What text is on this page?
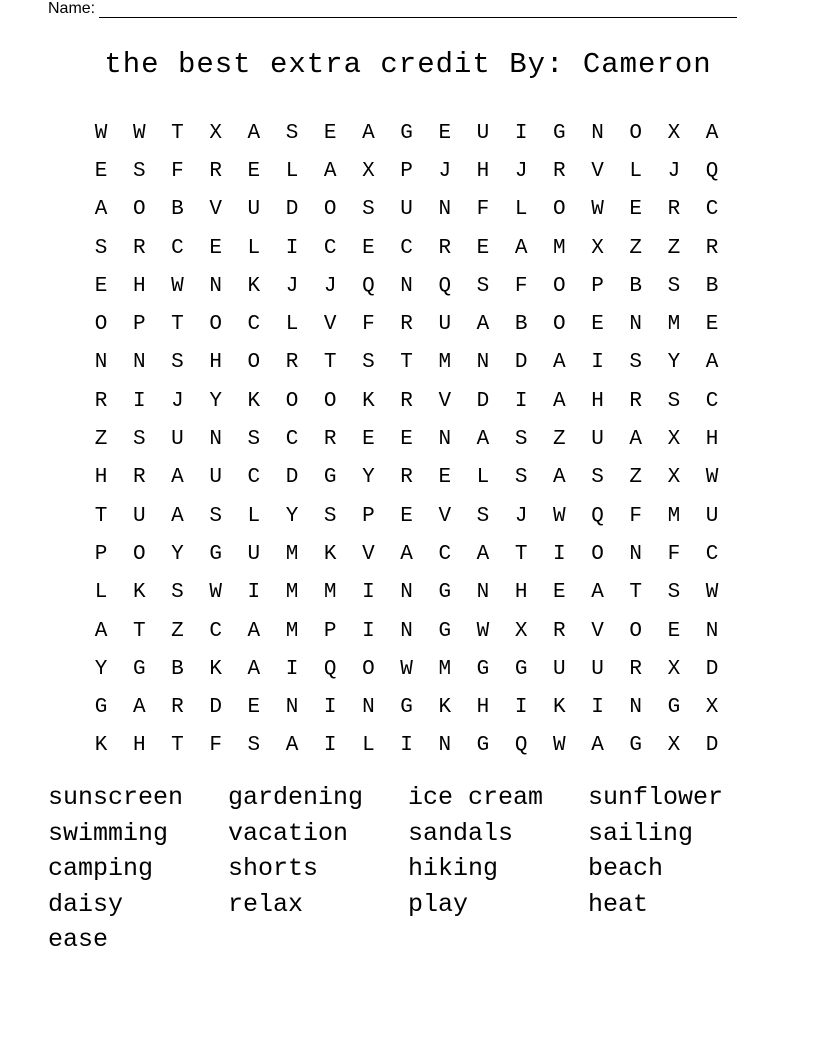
Name:
the best extra credit By: Cameron
W	W	T	X	A	S	E	A	G	E	U	I	G	N	O	X	A
E	S	F	R	E	L	A	X	P	J	H	J	R	V	L	J	Q
A	O	B	V	U	D	O	S	U	N	F	L	O	W	E	R	C
S	R	C	E	L	I	C	E	C	R	E	A	M	X	Z	Z	R
E	H	W	N	K	J	J	Q	N	Q	S	F	O	P	B	S	B
O	P	T	O	C	L	V	F	R	U	A	B	O	E	N	M	E
N	N	S	H	O	R	T	S	T	M	N	D	A	I	S	Y	A
R	I	J	Y	K	O	O	K	R	V	D	I	A	H	R	S	C
Z	S	U	N	S	C	R	E	E	N	A	S	Z	U	A	X	H
H	R	A	U	C	D	G	Y	R	E	L	S	A	S	Z	X	W
T	U	A	S	L	Y	S	P	E	V	S	J	W	Q	F	M	U
P	O	Y	G	U	M	K	V	A	C	A	T	I	O	N	F	C
L	K	S	W	I	M	M	I	N	G	N	H	E	A	T	S	W
A	T	Z	C	A	M	P	I	N	G	W	X	R	V	O	E	N
Y	G	B	K	A	I	Q	O	W	M	G	G	U	U	R	X	D
G	A	R	D	E	N	I	N	G	K	H	I	K	I	N	G	X
K	H	T	F	S	A	I	L	I	N	G	Q	W	A	G	X	D
sunscreen	gardening	ice cream	sunflower
swimming	vacation	sandals	sailing
camping	shorts	hiking	beach
daisy	relax	play	heat
ease
